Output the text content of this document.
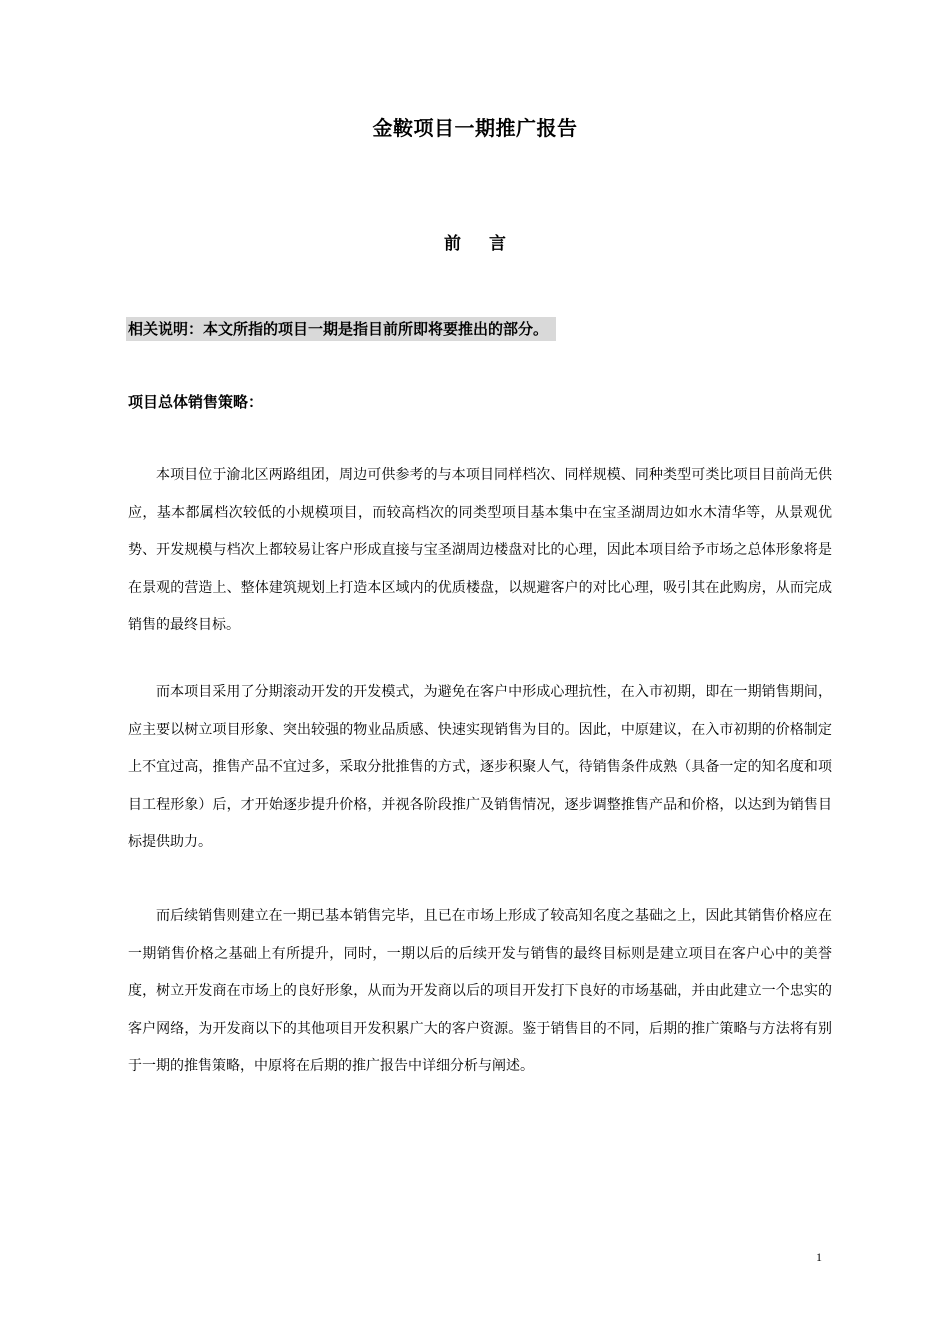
金鞍项目一期推广报告
前 言
相关说明：本文所指的项目一期是指目前所即将要推出的部分。
项目总体销售策略：

本项目位于渝北区两路组团，周边可供参考的与本项目同样档次、同样规模、同种类型可类比项目目前尚无供应，基本都属档次较低的小规模项目，而较高档次的同类型项目基本集中在宝圣湖周边如水木清华等，从景观优势、开发规模与档次上都较易让客户形成直接与宝圣湖周边楼盘对比的心理，因此本项目给予市场之总体形象将是在景观的营造上、整体建筑规划上打造本区域内的优质楼盘，以规避客户的对比心理，吸引其在此购房，从而完成销售的最终目标。

而本项目采用了分期滚动开发的开发模式，为避免在客户中形成心理抗性，在入市初期，即在一期销售期间，应主要以树立项目形象、突出较强的物业品质感、快速实现销售为目的。因此，中原建议，在入市初期的价格制定上不宜过高，推售产品不宜过多，采取分批推售的方式，逐步积聚人气，待销售条件成熟（具备一定的知名度和项目工程形象）后，才开始逐步提升价格，并视各阶段推广及销售情况，逐步调整推售产品和价格，以达到为销售目标提供助力。

而后续销售则建立在一期已基本销售完毕，且已在市场上形成了较高知名度之基础之上，因此其销售价格应在一期销售价格之基础上有所提升，同时，一期以后的后续开发与销售的最终目标则是建立项目在客户心中的美誉度，树立开发商在市场上的良好形象，从而为开发商以后的项目开发打下良好的市场基础，并由此建立一个忠实的客户网络，为开发商以下的其他项目开发积累广大的客户资源。鉴于销售目的不同，后期的推广策略与方法将有别于一期的推售策略，中原将在后期的推广报告中详细分析与阐述。

1
